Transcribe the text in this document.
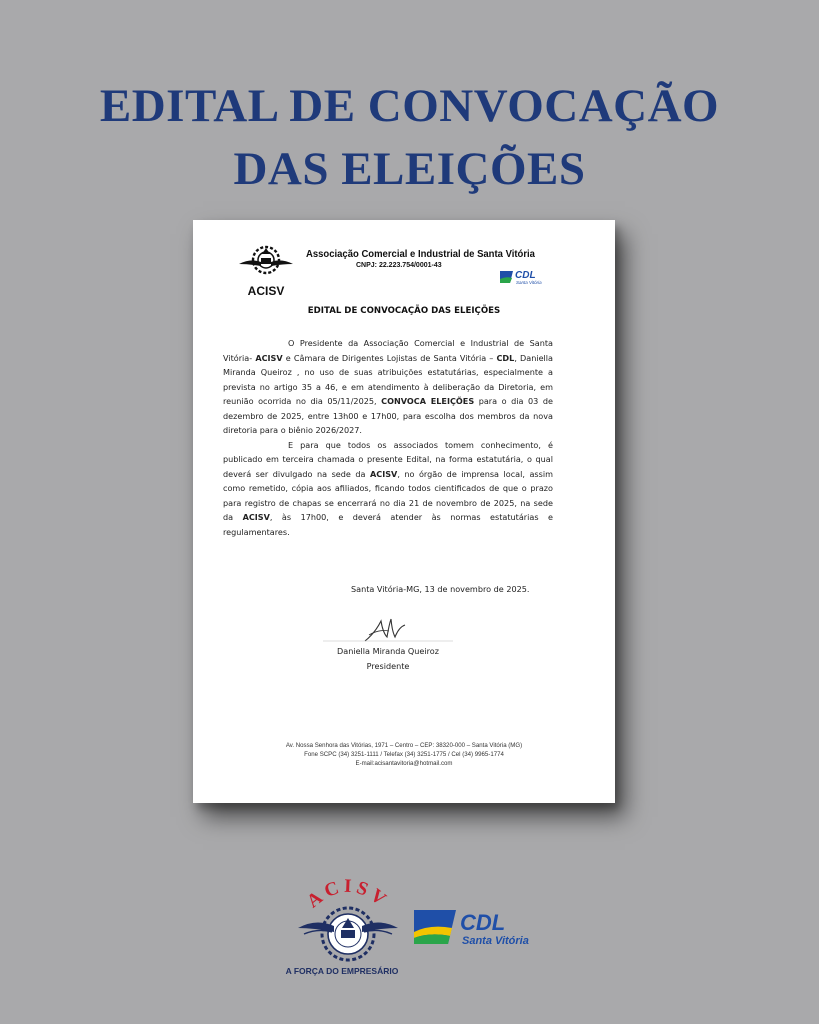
EDITAL DE CONVOCAÇÃO
DAS ELEIÇÕES
ACISV
Associação Comercial e Industrial de Santa Vitória
CNPJ: 22.223.754/0001-43
CDL
Santa Vitória
EDITAL DE CONVOCAÇÃO DAS ELEIÇÕES

O Presidente da Associação Comercial e Industrial de Santa Vitória- ACISV e Câmara de Dirigentes Lojistas de Santa Vitória – CDL, Daniella Miranda Queiroz , no uso de suas atribuições estatutárias, especialmente a prevista no artigo 35 a 46, e em atendimento à deliberação da Diretoria, em reunião ocorrida no dia 05/11/2025, CONVOCA ELEIÇÕES para o dia 03 de dezembro de 2025, entre 13h00 e 17h00, para escolha dos membros da nova diretoria para o biênio 2026/2027.

E para que todos os associados tomem conhecimento, é publicado em terceira chamada o presente Edital, na forma estatutária, o qual deverá ser divulgado na sede da ACISV, no órgão de imprensa local, assim como remetido, cópia aos afiliados, ficando todos cientificados de que o prazo para registro de chapas se encerrará no dia 21 de novembro de 2025, na sede da ACISV, às 17h00, e deverá atender às normas estatutárias e regulamentares.

Santa Vitória-MG, 13 de novembro de 2025.
Daniella Miranda Queiroz
Presidente
Av. Nossa Senhora das Vitórias, 1971 – Centro – CEP: 38320-000 – Santa Vitória (MG)
Fone SCPC (34) 3251-1111 / Telefax (34) 3251-1775 / Cel (34) 9965-1774
E-mail:acisantavitoria@hotmail.com
ACISV
A FORÇA DO EMPRESÁRIO
CDL
Santa Vitória
